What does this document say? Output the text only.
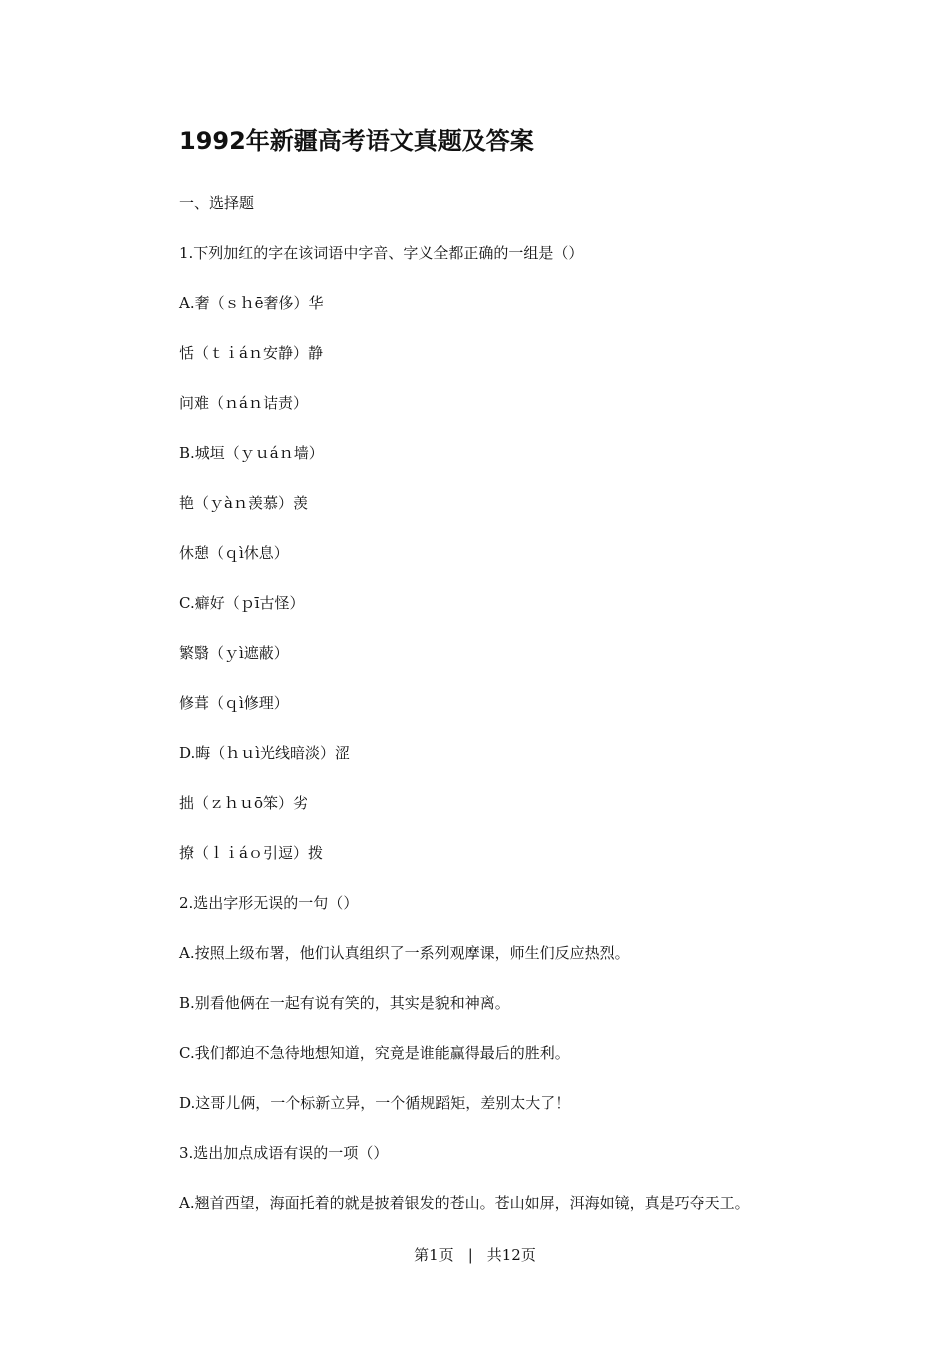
1992年新疆高考语文真题及答案
一、选择题
1.下列加红的字在该词语中字音、字义全都正确的一组是（）
A.奢（ｓｈē奢侈）华
恬（ｔｉáｎ安静）静
问难（ｎáｎ诘责）
B.城垣（ｙｕáｎ墙）
艳（ｙàｎ羡慕）羡
休憩（ｑì休息）
C.癖好（ｐī古怪）
繁翳（ｙì遮蔽）
修葺（ｑì修理）
D.晦（ｈｕì光线暗淡）涩
拙（ｚｈｕō笨）劣
撩（ｌｉáｏ引逗）拨
2.选出字形无误的一句（）
A.按照上级布署，他们认真组织了一系列观摩课，师生们反应热烈。
B.别看他俩在一起有说有笑的，其实是貌和神离。
C.我们都迫不急待地想知道，究竟是谁能赢得最后的胜利。
D.这哥儿俩，一个标新立异，一个循规蹈矩，差别太大了！
3.选出加点成语有误的一项（）
A.翘首西望，海面托着的就是披着银发的苍山。苍山如屏，洱海如镜，真是巧夺天工。
第1页 | 共12页
